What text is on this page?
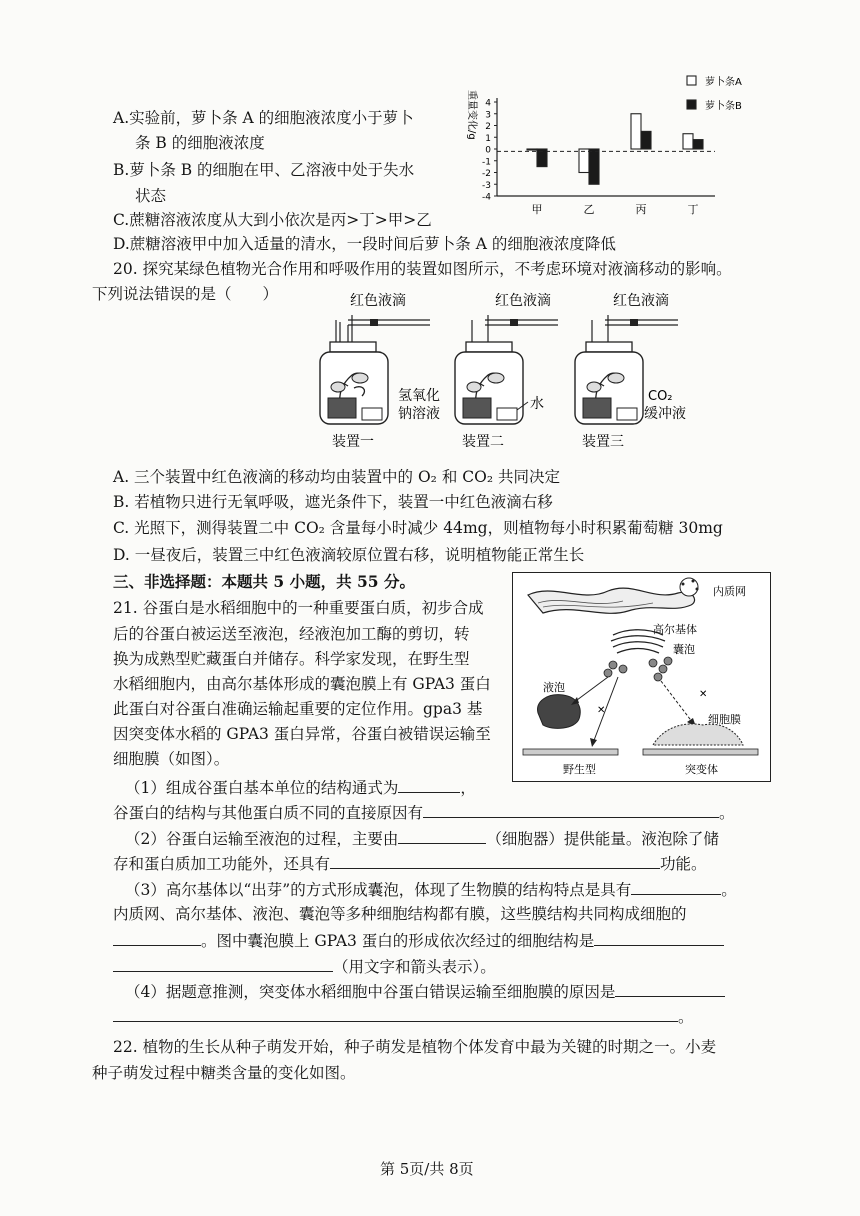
A.实验前，萝卜条 A 的细胞液浓度小于萝卜
条 B 的细胞液浓度
B.萝卜条 B 的细胞在甲、乙溶液中处于失水
状态
C.蔗糖溶液浓度从大到小依次是丙>丁>甲>乙
D.蔗糖溶液甲中加入适量的清水，一段时间后萝卜条 A 的细胞液浓度降低
重量变化/g 4
3
2
1
0
-1
-2
-3
-4
甲	乙	丙	丁
萝卜条A
萝卜条B
20. 探究某绿色植物光合作用和呼吸作用的装置如图所示，不考虑环境对液滴移动的影响。
下列说法错误的是（　　）	红色液滴
氢氧化
钠溶液
装置一
红色液滴
水
装置二
红色液滴
CO₂
缓冲液
装置三
A. 三个装置中红色液滴的移动均由装置中的 O₂ 和 CO₂ 共同决定
B. 若植物只进行无氧呼吸，遮光条件下，装置一中红色液滴右移
C. 光照下，测得装置二中 CO₂ 含量每小时减少 44mg，则植物每小时积累葡萄糖 30mg
D. 一昼夜后，装置三中红色液滴较原位置右移，说明植物能正常生长
三、非选择题：本题共 5 小题，共 55 分。
21. 谷蛋白是水稻细胞中的一种重要蛋白质，初步合成
后的谷蛋白被运送至液泡，经液泡加工酶的剪切，转
换为成熟型贮藏蛋白并储存。科学家发现，在野生型
水稻细胞内，由高尔基体形成的囊泡膜上有 GPA3 蛋白
此蛋白对谷蛋白准确运输起重要的定位作用。gpa3 基
因突变体水稻的 GPA3 蛋白异常，谷蛋白被错误运输至
细胞膜（如图）。
内质网
高尔基体
囊泡
液泡
✕
✕
野生型
细胞膜
突变体
（1）组成谷蛋白基本单位的结构通式为	，
谷蛋白的结构与其他蛋白质不同的直接原因有	。
（2）谷蛋白运输至液泡的过程，主要由	（细胞器）提供能量。液泡除了储
存和蛋白质加工功能外，还具有	功能。
（3）高尔基体以“出芽”的方式形成囊泡，体现了生物膜的结构特点是具有	。
内质网、高尔基体、液泡、囊泡等多种细胞结构都有膜，这些膜结构共同构成细胞的
。图中囊泡膜上 GPA3 蛋白的形成依次经过的细胞结构是
（用文字和箭头表示）。
（4）据题意推测，突变体水稻细胞中谷蛋白错误运输至细胞膜的原因是
。
22. 植物的生长从种子萌发开始，种子萌发是植物个体发育中最为关键的时期之一。小麦
种子萌发过程中糖类含量的变化如图。
第 5页/共 8页
